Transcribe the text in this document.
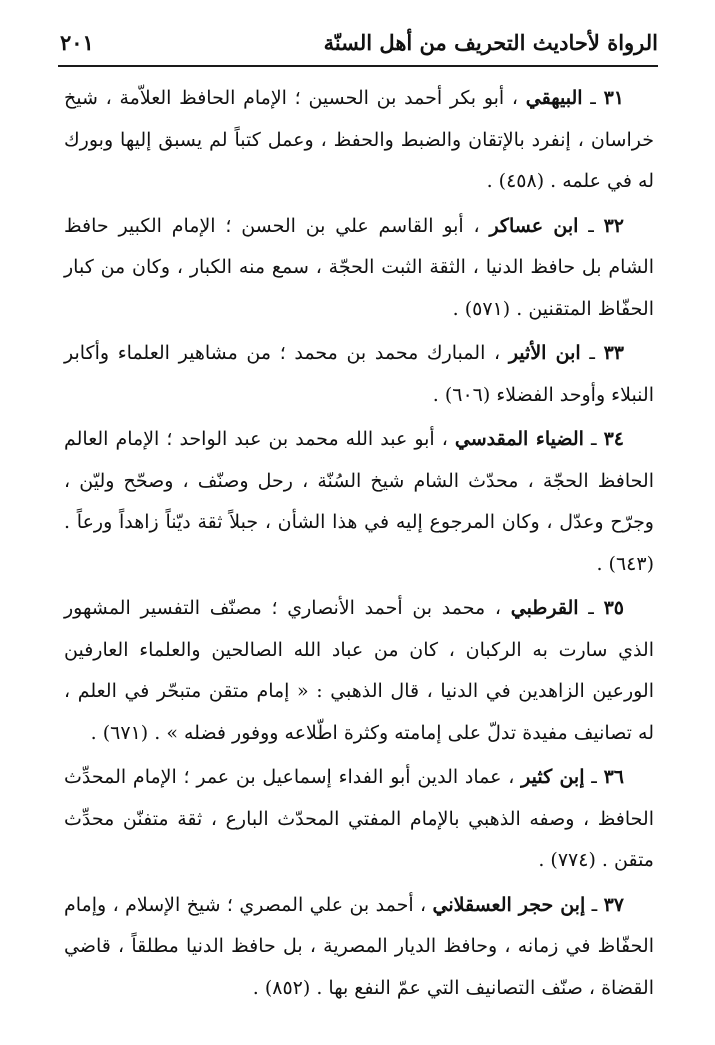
الرواة لأحاديث التحريف من أهل السنّة
٢٠١

٣١ ـ البيهقي ، أبو بكر أحمد بن الحسين ؛ الإمام الحافظ العلاّمة ، شيخ خراسان ، إنفرد بالإتقان والضبط والحفظ ، وعمل كتباً لم يسبق إليها وبورك له في علمه . (٤٥٨) .

٣٢ ـ ابن عساكر ، أبو القاسم علي بن الحسن ؛ الإمام الكبير حافظ الشام بل حافظ الدنيا ، الثقة الثبت الحجّة ، سمع منه الكبار ، وكان من كبار الحفّاظ المتقنين . (٥٧١) .

٣٣ ـ ابن الأثير ، المبارك محمد بن محمد ؛ من مشاهير العلماء وأكابر النبلاء وأوحد الفضلاء (٦٠٦) .

٣٤ ـ الضياء المقدسي ، أبو عبد الله محمد بن عبد الواحد ؛ الإمام العالم الحافظ الحجّة ، محدّث الشام شيخ السُنّة ، رحل وصنّف ، وصحّح وليّن ، وجرّح وعدّل ، وكان المرجوع إليه في هذا الشأن ، جبلاً ثقة ديّناً زاهداً ورعاً . (٦٤٣) .

٣٥ ـ القرطبي ، محمد بن أحمد الأنصاري ؛ مصنّف التفسير المشهور الذي سارت به الركبان ، كان من عباد الله الصالحين والعلماء العارفين الورعين الزاهدين في الدنيا ، قال الذهبي : « إمام متقن متبحّر في العلم ، له تصانيف مفيدة تدلّ على إمامته وكثرة اطّلاعه ووفور فضله » . (٦٧١) .

٣٦ ـ إبن كثير ، عماد الدين أبو الفداء إسماعيل بن عمر ؛ الإمام المحدِّث الحافظ ، وصفه الذهبي بالإمام المفتي المحدّث البارع ، ثقة متفنّن محدِّث متقن . (٧٧٤) .

٣٧ ـ إبن حجر العسقلاني ، أحمد بن علي المصري ؛ شيخ الإسلام ، وإمام الحفّاظ في زمانه ، وحافظ الديار المصرية ، بل حافظ الدنيا مطلقاً ، قاضي القضاة ، صنّف التصانيف التي عمّ النفع بها . (٨٥٢) .
